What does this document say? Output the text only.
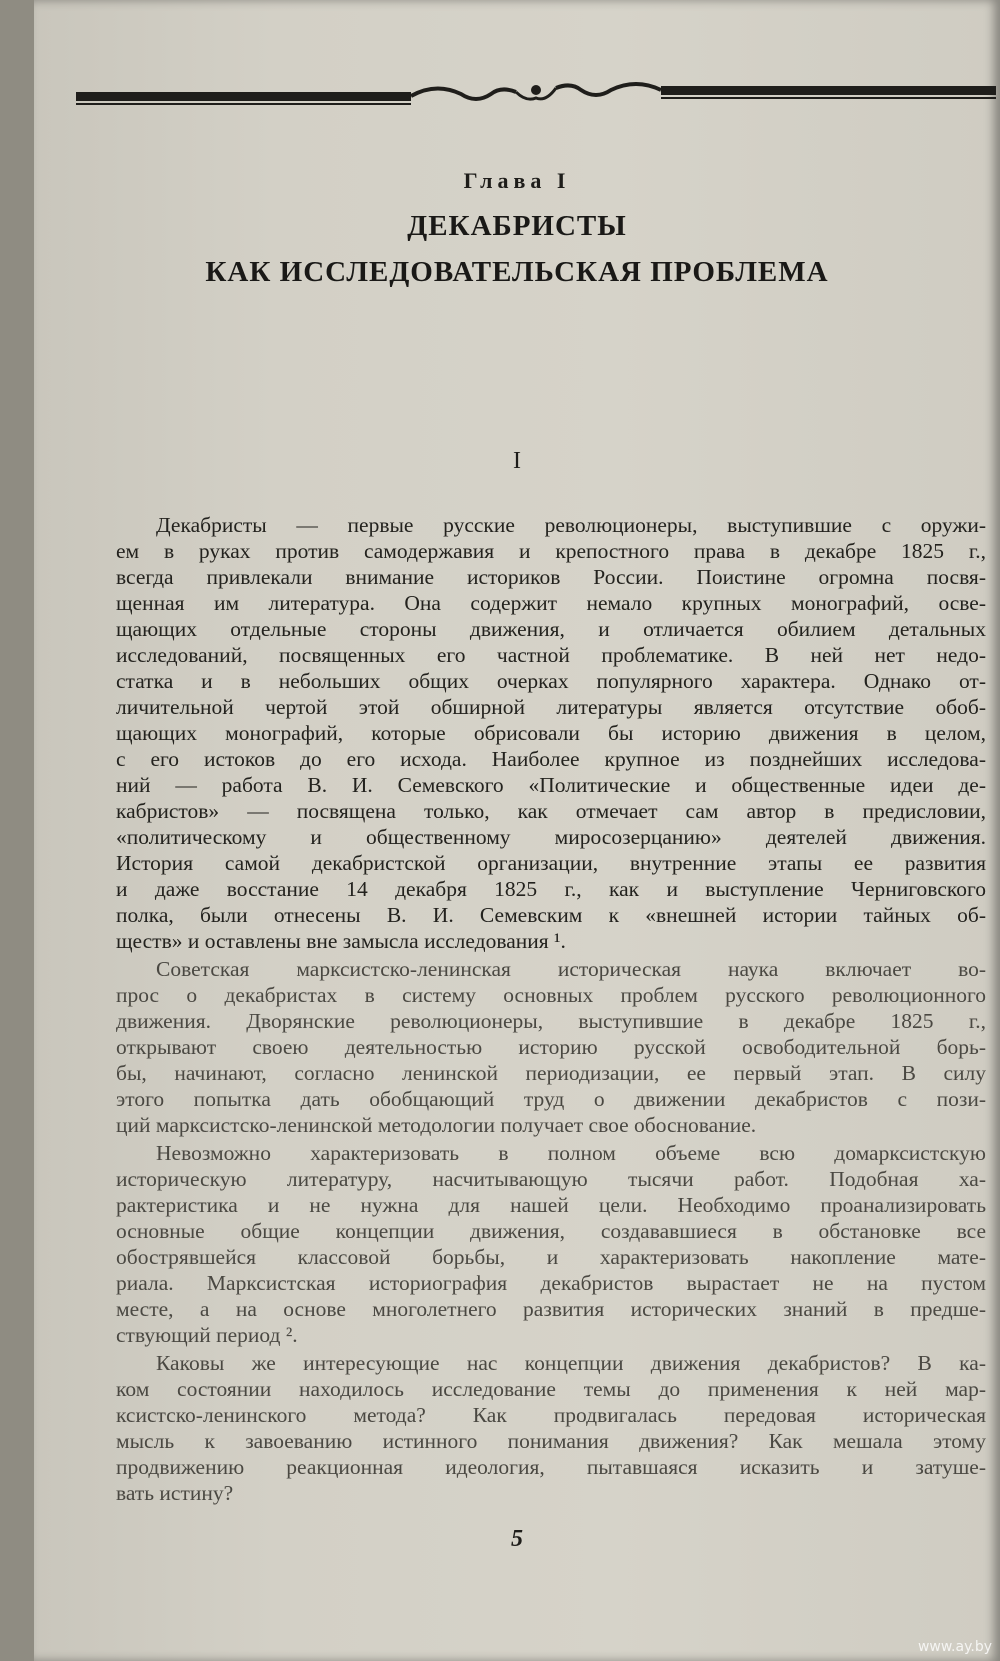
Глава I
ДЕКАБРИСТЫ
КАК ИССЛЕДОВАТЕЛЬСКАЯ ПРОБЛЕМА
I
Декабристы — первые русские революционеры, выступившие с оружи-
ем в руках против самодержавия и крепостного права в декабре 1825 г.,
всегда привлекали внимание историков России. Поистине огромна посвя-
щенная им литература. Она содержит немало крупных монографий, осве-
щающих отдельные стороны движения, и отличается обилием детальных
исследований, посвященных его частной проблематике. В ней нет недо-
статка и в небольших общих очерках популярного характера. Однако от-
личительной чертой этой обширной литературы является отсутствие обоб-
щающих монографий, которые обрисовали бы историю движения в целом,
с его истоков до его исхода. Наиболее крупное из позднейших исследова-
ний — работа В. И. Семевского «Политические и общественные идеи де-
кабристов» — посвящена только, как отмечает сам автор в предисловии,
«политическому и общественному миросозерцанию» деятелей движения.
История самой декабристской организации, внутренние этапы ее развития
и даже восстание 14 декабря 1825 г., как и выступление Черниговского
полка, были отнесены В. И. Семевским к «внешней истории тайных об-
ществ» и оставлены вне замысла исследования ¹.
Советская марксистско-ленинская историческая наука включает во-
прос о декабристах в систему основных проблем русского революционного
движения. Дворянские революционеры, выступившие в декабре 1825 г.,
открывают своею деятельностью историю русской освободительной борь-
бы, начинают, согласно ленинской периодизации, ее первый этап. В силу
этого попытка дать обобщающий труд о движении декабристов с пози-
ций марксистско-ленинской методологии получает свое обоснование.
Невозможно характеризовать в полном объеме всю домарксистскую
историческую литературу, насчитывающую тысячи работ. Подобная ха-
рактеристика и не нужна для нашей цели. Необходимо проанализировать
основные общие концепции движения, создававшиеся в обстановке все
обострявшейся классовой борьбы, и характеризовать накопление мате-
риала. Марксистская историография декабристов вырастает не на пустом
месте, а на основе многолетнего развития исторических знаний в предше-
ствующий период ².
Каковы же интересующие нас концепции движения декабристов? В ка-
ком состоянии находилось исследование темы до применения к ней мар-
ксистско-ленинского метода? Как продвигалась передовая историческая
мысль к завоеванию истинного понимания движения? Как мешала этому
продвижению реакционная идеология, пытавшаяся исказить и затуше-
вать истину?
5
www.ay.by
